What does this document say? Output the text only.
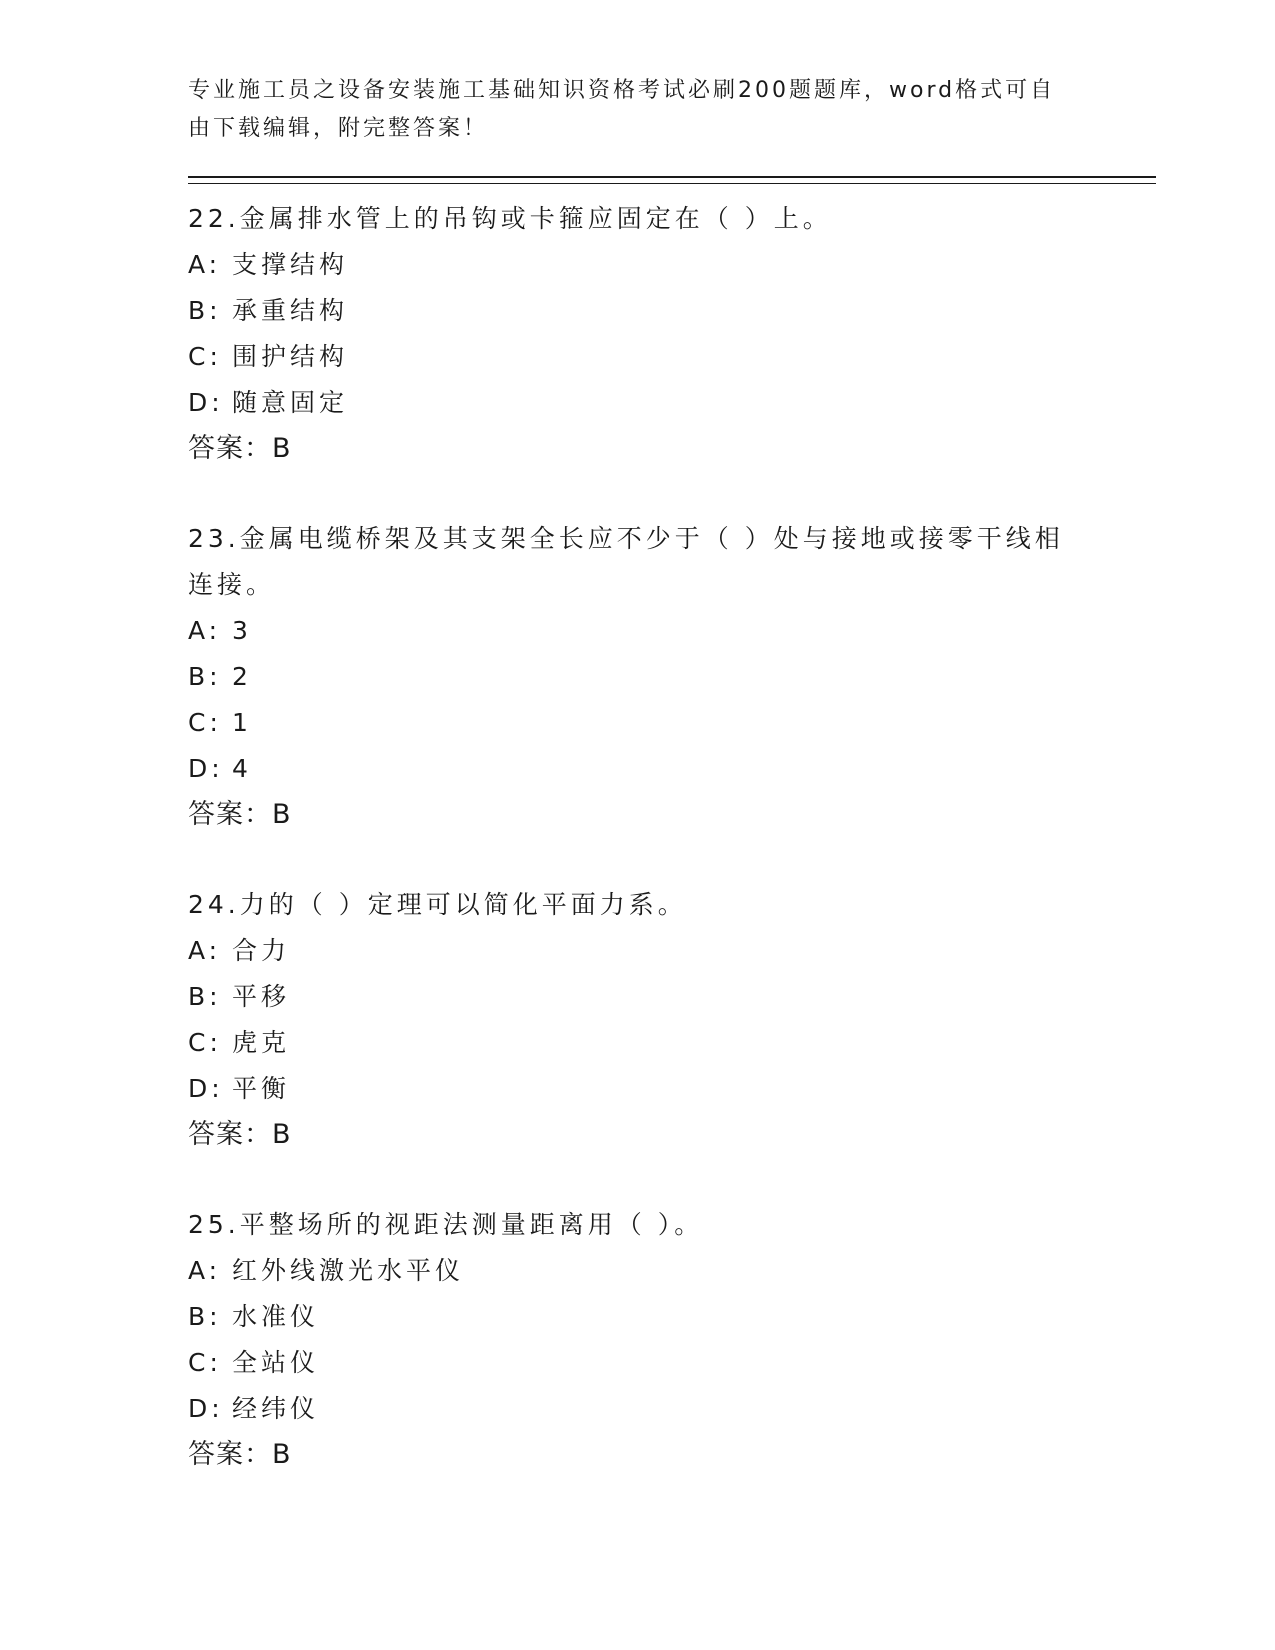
专业施工员之设备安装施工基础知识资格考试必刷200题题库，word格式可自由下载编辑，附完整答案！

22.金属排水管上的吊钩或卡箍应固定在（ ）上。

A: 支撑结构

B: 承重结构

C: 围护结构

D: 随意固定

答案：B

23.金属电缆桥架及其支架全长应不少于（ ）处与接地或接零干线相连接。

A: 3

B: 2

C: 1

D: 4

答案：B

24.力的（ ）定理可以简化平面力系。

A: 合力

B: 平移

C: 虎克

D: 平衡

答案：B

25.平整场所的视距法测量距离用（ ）。

A: 红外线激光水平仪

B: 水准仪

C: 全站仪

D: 经纬仪

答案：B
